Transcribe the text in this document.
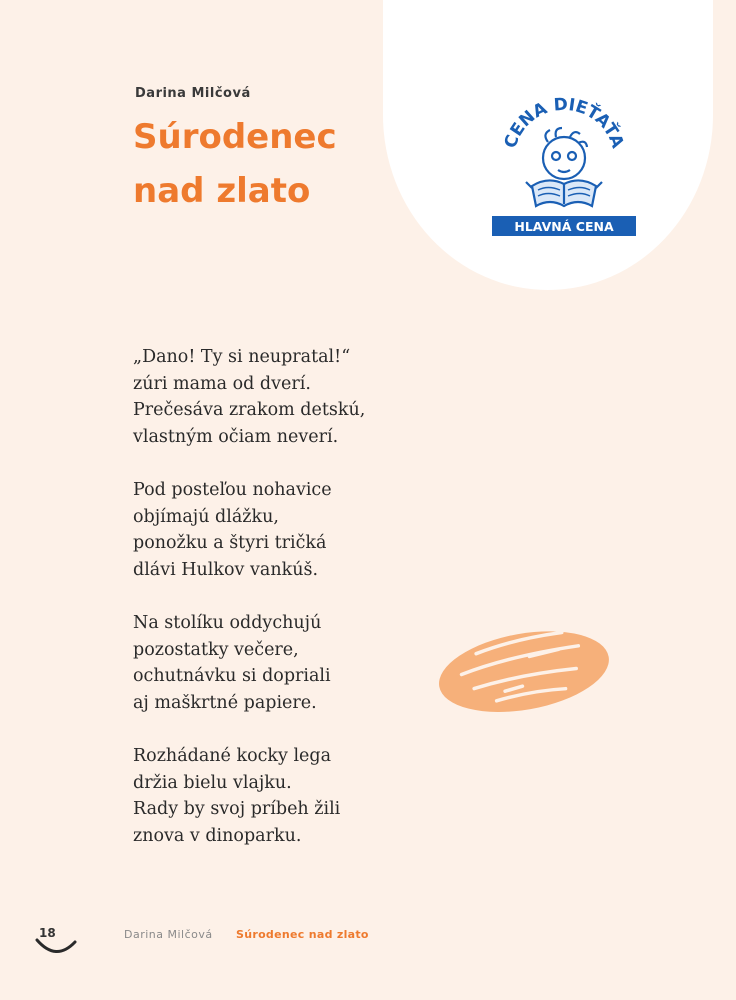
Darina Milčová
Súrodenec
nad zlato
CENA DIEŤAŤA
HLAVNÁ CENA

„Dano! Ty si neupratal!“
zúri mama od dverí.
Prečesáva zrakom detskú,
vlastným očiam neverí.

Pod posteľou nohavice
objímajú dlážku,
ponožku a štyri tričká
dlávi Hulkov vankúš.

Na stolíku oddychujú
pozostatky večere,
ochutnávku si dopriali
aj maškrtné papiere.

Rozhádané kocky lega
držia bielu vlajku.
Rady by svoj príbeh žili
znova v dinoparku.

18	Darina Milčová Súrodenec nad zlato
